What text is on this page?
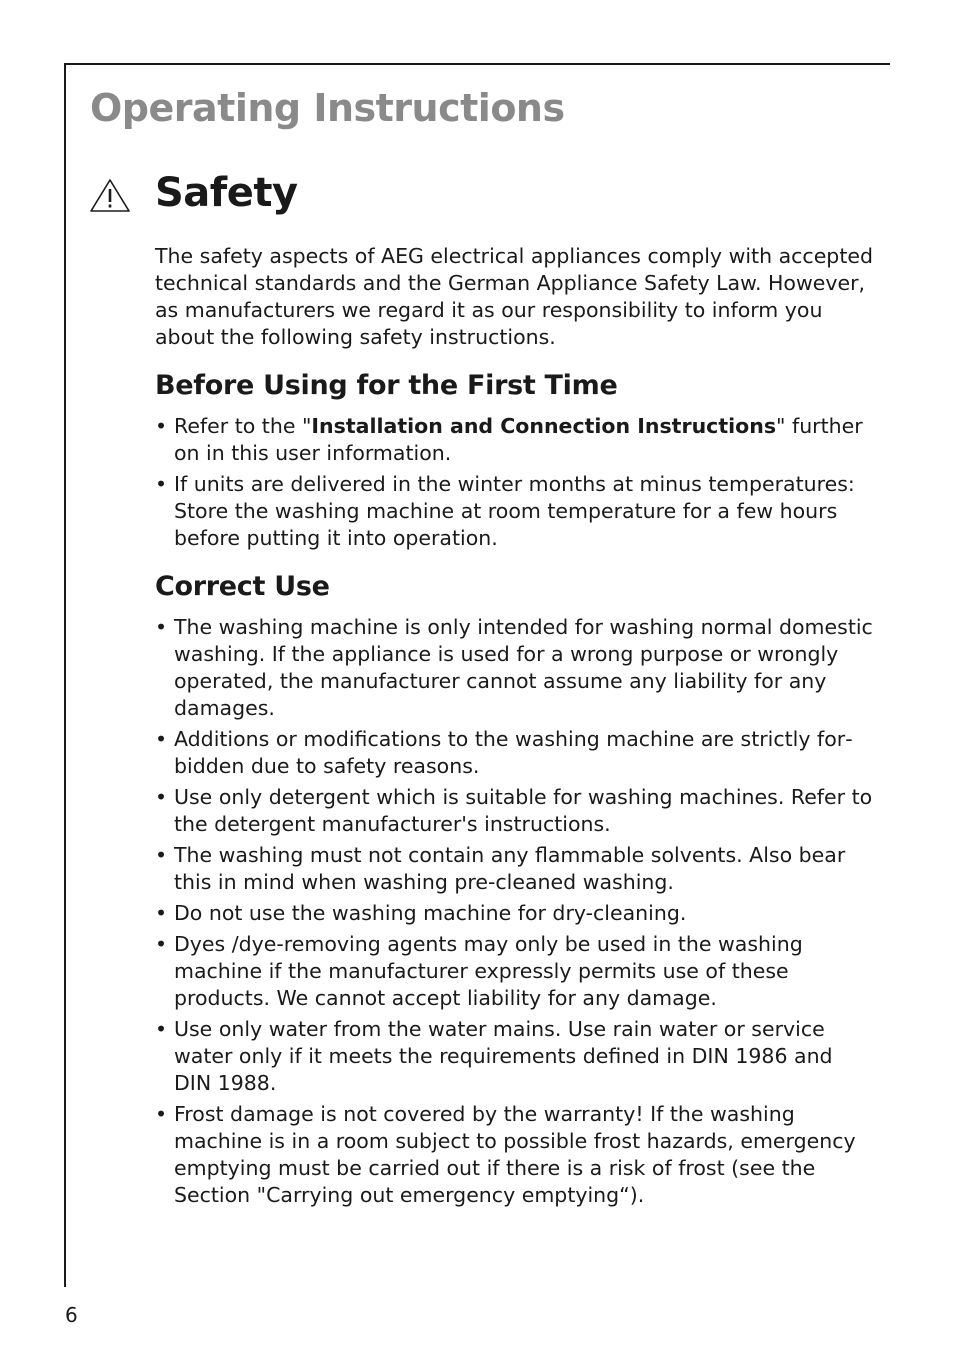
Operating Instructions
Safety

The safety aspects of AEG electrical appliances comply with accepted technical standards and the German Appliance Safety Law. However, as manufacturers we regard it as our responsibility to inform you about the following safety instructions.

Before Using for the First Time
• Refer to the "Installation and Connection Instructions" further on in this user information.
• If units are delivered in the winter months at minus temperatures: Store the washing machine at room temperature for a few hours before putting it into operation.
Correct Use
• The washing machine is only intended for washing normal domestic washing. If the appliance is used for a wrong purpose or wrongly operated, the manufacturer cannot assume any liability for any damages.
• Additions or modifications to the washing machine are strictly forbidden due to safety reasons.
• Use only detergent which is suitable for washing machines. Refer to the detergent manufacturer's instructions.
• The washing must not contain any flammable solvents. Also bear this in mind when washing pre-cleaned washing.
• Do not use the washing machine for dry-cleaning.
• Dyes /dye-removing agents may only be used in the washing machine if the manufacturer expressly permits use of these products. We cannot accept liability for any damage.
• Use only water from the water mains. Use rain water or service water only if it meets the requirements defined in DIN 1986 and DIN 1988.
• Frost damage is not covered by the warranty! If the washing machine is in a room subject to possible frost hazards, emergency emptying must be carried out if there is a risk of frost (see the Section "Carrying out emergency emptying“).
6
